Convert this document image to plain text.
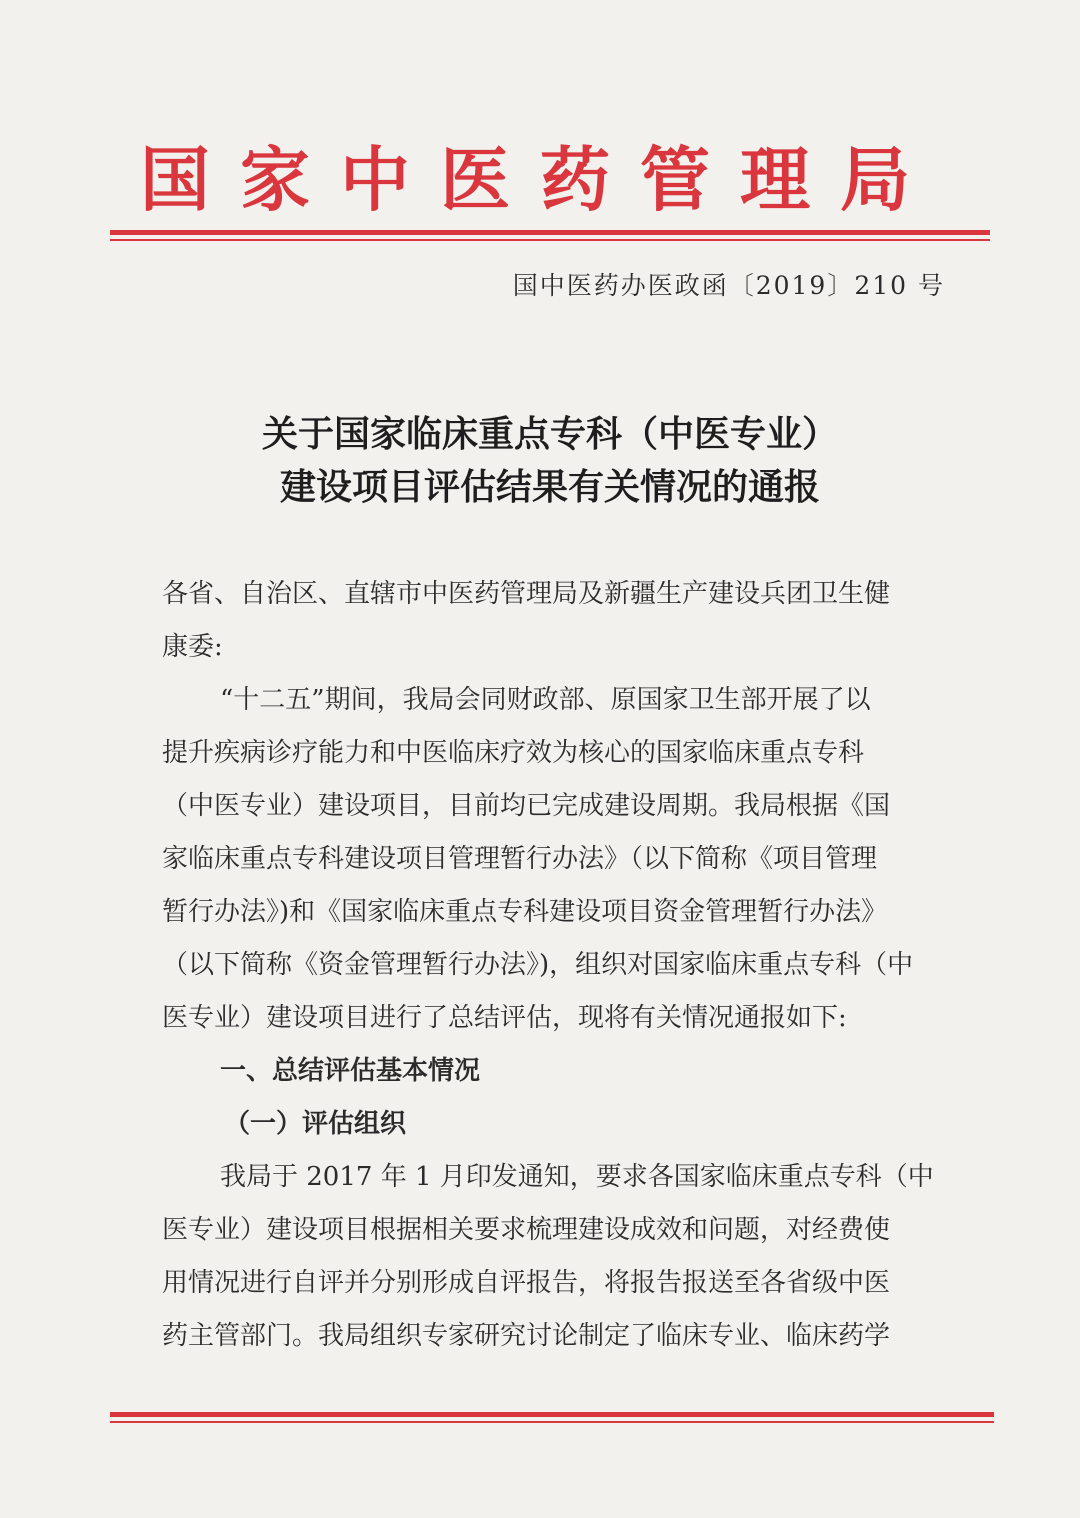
国家中医药管理局
国中医药办医政函〔2019〕210 号
关于国家临床重点专科（中医专业）
建设项目评估结果有关情况的通报
各省、自治区、直辖市中医药管理局及新疆生产建设兵团卫生健
康委:
“十二五”期间，我局会同财政部、原国家卫生部开展了以
提升疾病诊疗能力和中医临床疗效为核心的国家临床重点专科
（中医专业）建设项目，目前均已完成建设周期。我局根据《国
家临床重点专科建设项目管理暂行办法》（以下简称《项目管理
暂行办法》)和《国家临床重点专科建设项目资金管理暂行办法》
（以下简称《资金管理暂行办法》)，组织对国家临床重点专科（中
医专业）建设项目进行了总结评估，现将有关情况通报如下:
一、总结评估基本情况
（一）评估组织
我局于 2017 年 1 月印发通知，要求各国家临床重点专科（中
医专业）建设项目根据相关要求梳理建设成效和问题，对经费使
用情况进行自评并分别形成自评报告，将报告报送至各省级中医
药主管部门。我局组织专家研究讨论制定了临床专业、临床药学
